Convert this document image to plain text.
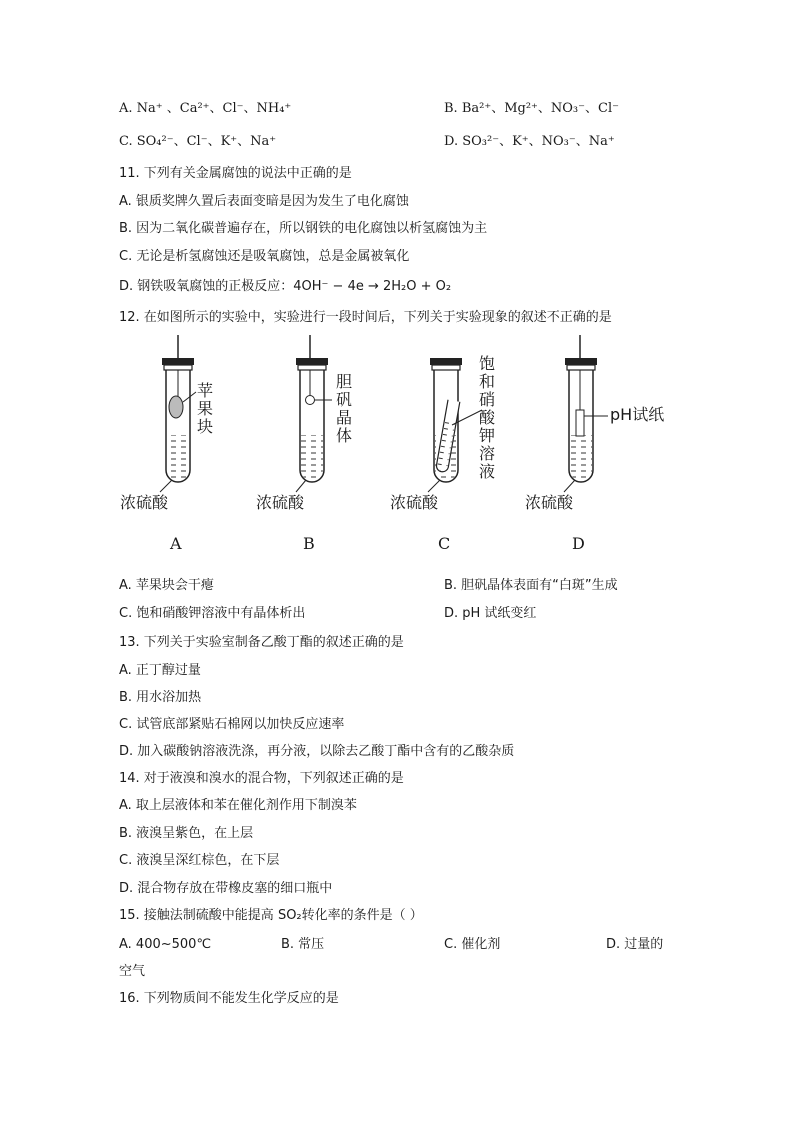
A. Na⁺ 、Ca²⁺、Cl⁻、NH₄⁺	B. Ba²⁺、Mg²⁺、NO₃⁻、Cl⁻
C. SO₄²⁻、Cl⁻、K⁺、Na⁺	D. SO₃²⁻、K⁺、NO₃⁻、Na⁺
11. 下列有关金属腐蚀的说法中正确的是
A. 银质奖牌久置后表面变暗是因为发生了电化腐蚀
B. 因为二氧化碳普遍存在，所以钢铁的电化腐蚀以析氢腐蚀为主
C. 无论是析氢腐蚀还是吸氧腐蚀，总是金属被氧化
D. 钢铁吸氧腐蚀的正极反应：4OH⁻ − 4e → 2H₂O + O₂
12. 在如图所示的实验中，实验进行一段时间后，下列关于实验现象的叙述不正确的是
苹
果
块
胆
矾
晶
体
饱
和
硝
酸
钾
溶
液
pH试纸
浓硫酸	浓硫酸	浓硫酸	浓硫酸
A	B	C	D
A. 苹果块会干瘪	B. 胆矾晶体表面有“白斑”生成
C. 饱和硝酸钾溶液中有晶体析出	D. pH 试纸变红
13. 下列关于实验室制备乙酸丁酯的叙述正确的是
A. 正丁醇过量
B. 用水浴加热
C. 试管底部紧贴石棉网以加快反应速率
D. 加入碳酸钠溶液洗涤，再分液，以除去乙酸丁酯中含有的乙酸杂质
14. 对于液溴和溴水的混合物，下列叙述正确的是
A. 取上层液体和苯在催化剂作用下制溴苯
B. 液溴呈紫色，在上层
C. 液溴呈深红棕色，在下层
D. 混合物存放在带橡皮塞的细口瓶中
15. 接触法制硫酸中能提高 SO₂转化率的条件是（ ）
A. 400~500℃	B. 常压	C. 催化剂	D. 过量的
空气
16. 下列物质间不能发生化学反应的是
